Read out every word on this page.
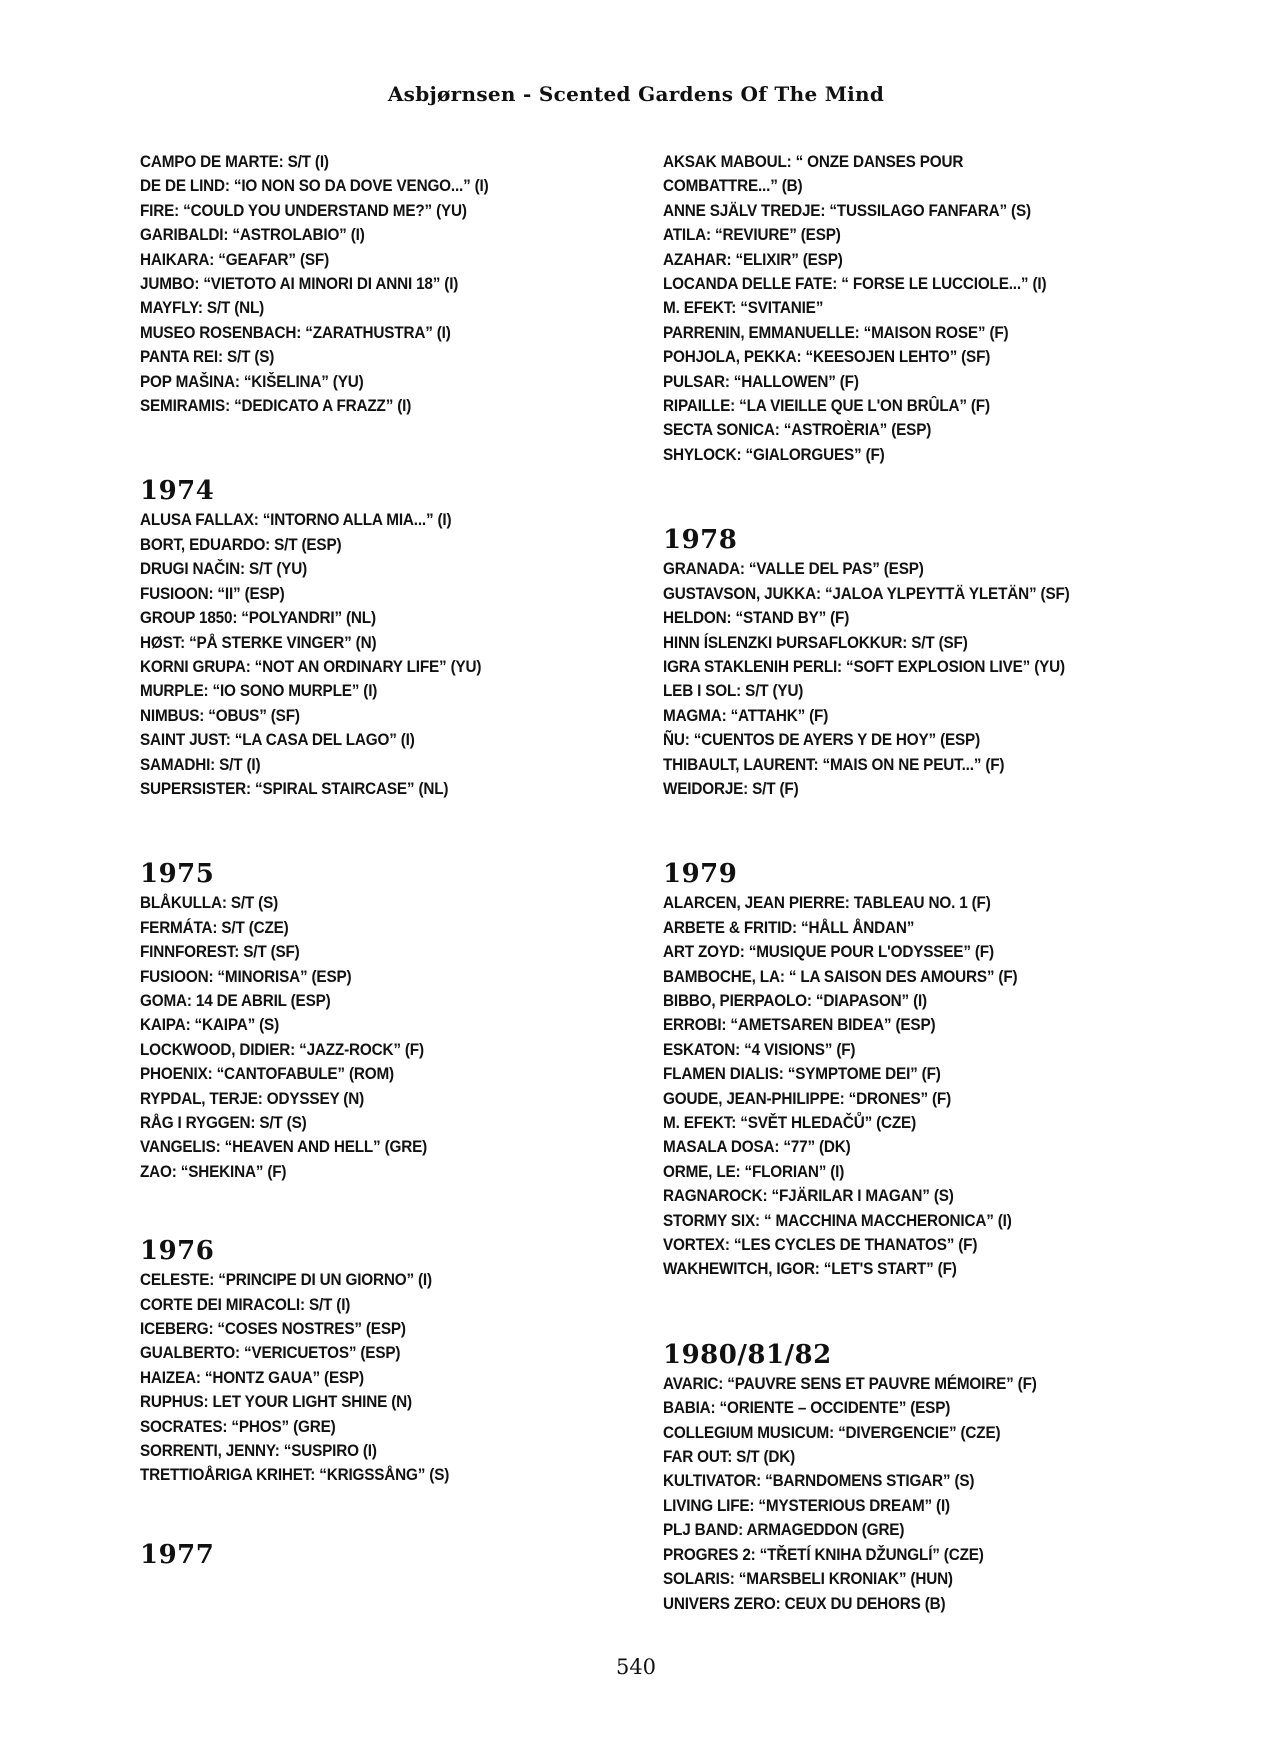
Asbjørnsen - Scented Gardens Of The Mind
CAMPO DE MARTE: S/T (I)
DE DE LIND: “IO NON SO DA DOVE VENGO...” (I)
FIRE: “COULD YOU UNDERSTAND ME?” (YU)
GARIBALDI: “ASTROLABIO” (I)
HAIKARA: “GEAFAR” (SF)
JUMBO: “VIETOTO AI MINORI DI ANNI 18” (I)
MAYFLY: S/T (NL)
MUSEO ROSENBACH: “ZARATHUSTRA” (I)
PANTA REI: S/T (S)
POP MAŠINA: “KIŠELINA” (YU)
SEMIRAMIS: “DEDICATO A FRAZZ” (I)
1974
ALUSA FALLAX: “INTORNO ALLA MIA...” (I)
BORT, EDUARDO: S/T (ESP)
DRUGI NAČIN: S/T (YU)
FUSIOON: “II” (ESP)
GROUP 1850: “POLYANDRI” (NL)
HØST: “PÅ STERKE VINGER” (N)
KORNI GRUPA: “NOT AN ORDINARY LIFE” (YU)
MURPLE: “IO SONO MURPLE” (I)
NIMBUS: “OBUS” (SF)
SAINT JUST: “LA CASA DEL LAGO” (I)
SAMADHI: S/T (I)
SUPERSISTER: “SPIRAL STAIRCASE” (NL)
1975
BLÅKULLA: S/T (S)
FERMÁTA: S/T (CZE)
FINNFOREST: S/T (SF)
FUSIOON: “MINORISA” (ESP)
GOMA: 14 DE ABRIL (ESP)
KAIPA: “KAIPA” (S)
LOCKWOOD, DIDIER: “JAZZ-ROCK” (F)
PHOENIX: “CANTOFABULE” (ROM)
RYPDAL, TERJE: ODYSSEY (N)
RÅG I RYGGEN: S/T (S)
VANGELIS: “HEAVEN AND HELL” (GRE)
ZAO: “SHEKINA” (F)
1976
CELESTE: “PRINCIPE DI UN GIORNO” (I)
CORTE DEI MIRACOLI: S/T (I)
ICEBERG: “COSES NOSTRES” (ESP)
GUALBERTO: “VERICUETOS” (ESP)
HAIZEA: “HONTZ GAUA” (ESP)
RUPHUS: LET YOUR LIGHT SHINE (N)
SOCRATES: “PHOS” (GRE)
SORRENTI, JENNY: “SUSPIRO (I)
TRETTIOÅRIGA KRIHET: “KRIGSSÅNG” (S)
1977
AKSAK MABOUL: “ ONZE DANSES POUR
COMBATTRE...” (B)
ANNE SJÄLV TREDJE: “TUSSILAGO FANFARA” (S)
ATILA: “REVIURE” (ESP)
AZAHAR: “ELIXIR” (ESP)
LOCANDA DELLE FATE: “ FORSE LE LUCCIOLE...” (I)
M. EFEKT: “SVITANIE”
PARRENIN, EMMANUELLE: “MAISON ROSE” (F)
POHJOLA, PEKKA: “KEESOJEN LEHTO” (SF)
PULSAR: “HALLOWEN” (F)
RIPAILLE: “LA VIEILLE QUE L'ON BRÛLA” (F)
SECTA SONICA: “ASTROÈRIA” (ESP)
SHYLOCK: “GIALORGUES” (F)
1978
GRANADA: “VALLE DEL PAS” (ESP)
GUSTAVSON, JUKKA: “JALOA YLPEYTTÄ YLETÄN” (SF)
HELDON: “STAND BY” (F)
HINN ÍSLENZKI ÞURSAFLOKKUR: S/T (SF)
IGRA STAKLENIH PERLI: “SOFT EXPLOSION LIVE” (YU)
LEB I SOL: S/T (YU)
MAGMA: “ATTAHK” (F)
ÑU: “CUENTOS DE AYERS Y DE HOY” (ESP)
THIBAULT, LAURENT: “MAIS ON NE PEUT...” (F)
WEIDORJE: S/T (F)
1979
ALARCEN, JEAN PIERRE: TABLEAU NO. 1 (F)
ARBETE & FRITID: “HÅLL ÅNDAN”
ART ZOYD: “MUSIQUE POUR L'ODYSSEE” (F)
BAMBOCHE, LA: “ LA SAISON DES AMOURS” (F)
BIBBO, PIERPAOLO: “DIAPASON” (I)
ERROBI: “AMETSAREN BIDEA” (ESP)
ESKATON: “4 VISIONS” (F)
FLAMEN DIALIS: “SYMPTOME DEI” (F)
GOUDE, JEAN-PHILIPPE: “DRONES” (F)
M. EFEKT: “SVĚT HLEDAČŮ” (CZE)
MASALA DOSA: “77” (DK)
ORME, LE: “FLORIAN” (I)
RAGNAROCK: “FJÄRILAR I MAGAN” (S)
STORMY SIX: “ MACCHINA MACCHERONICA” (I)
VORTEX: “LES CYCLES DE THANATOS” (F)
WAKHEWITCH, IGOR: “LET'S START” (F)
1980/81/82
AVARIC: “PAUVRE SENS ET PAUVRE MÉMOIRE” (F)
BABIA: “ORIENTE – OCCIDENTE” (ESP)
COLLEGIUM MUSICUM: “DIVERGENCIE” (CZE)
FAR OUT: S/T (DK)
KULTIVATOR: “BARNDOMENS STIGAR” (S)
LIVING LIFE: “MYSTERIOUS DREAM” (I)
PLJ BAND: ARMAGEDDON (GRE)
PROGRES 2: “TŘETÍ KNIHA DŽUNGLÍ” (CZE)
SOLARIS: “MARSBELI KRONIAK” (HUN)
UNIVERS ZERO: CEUX DU DEHORS (B)
540
